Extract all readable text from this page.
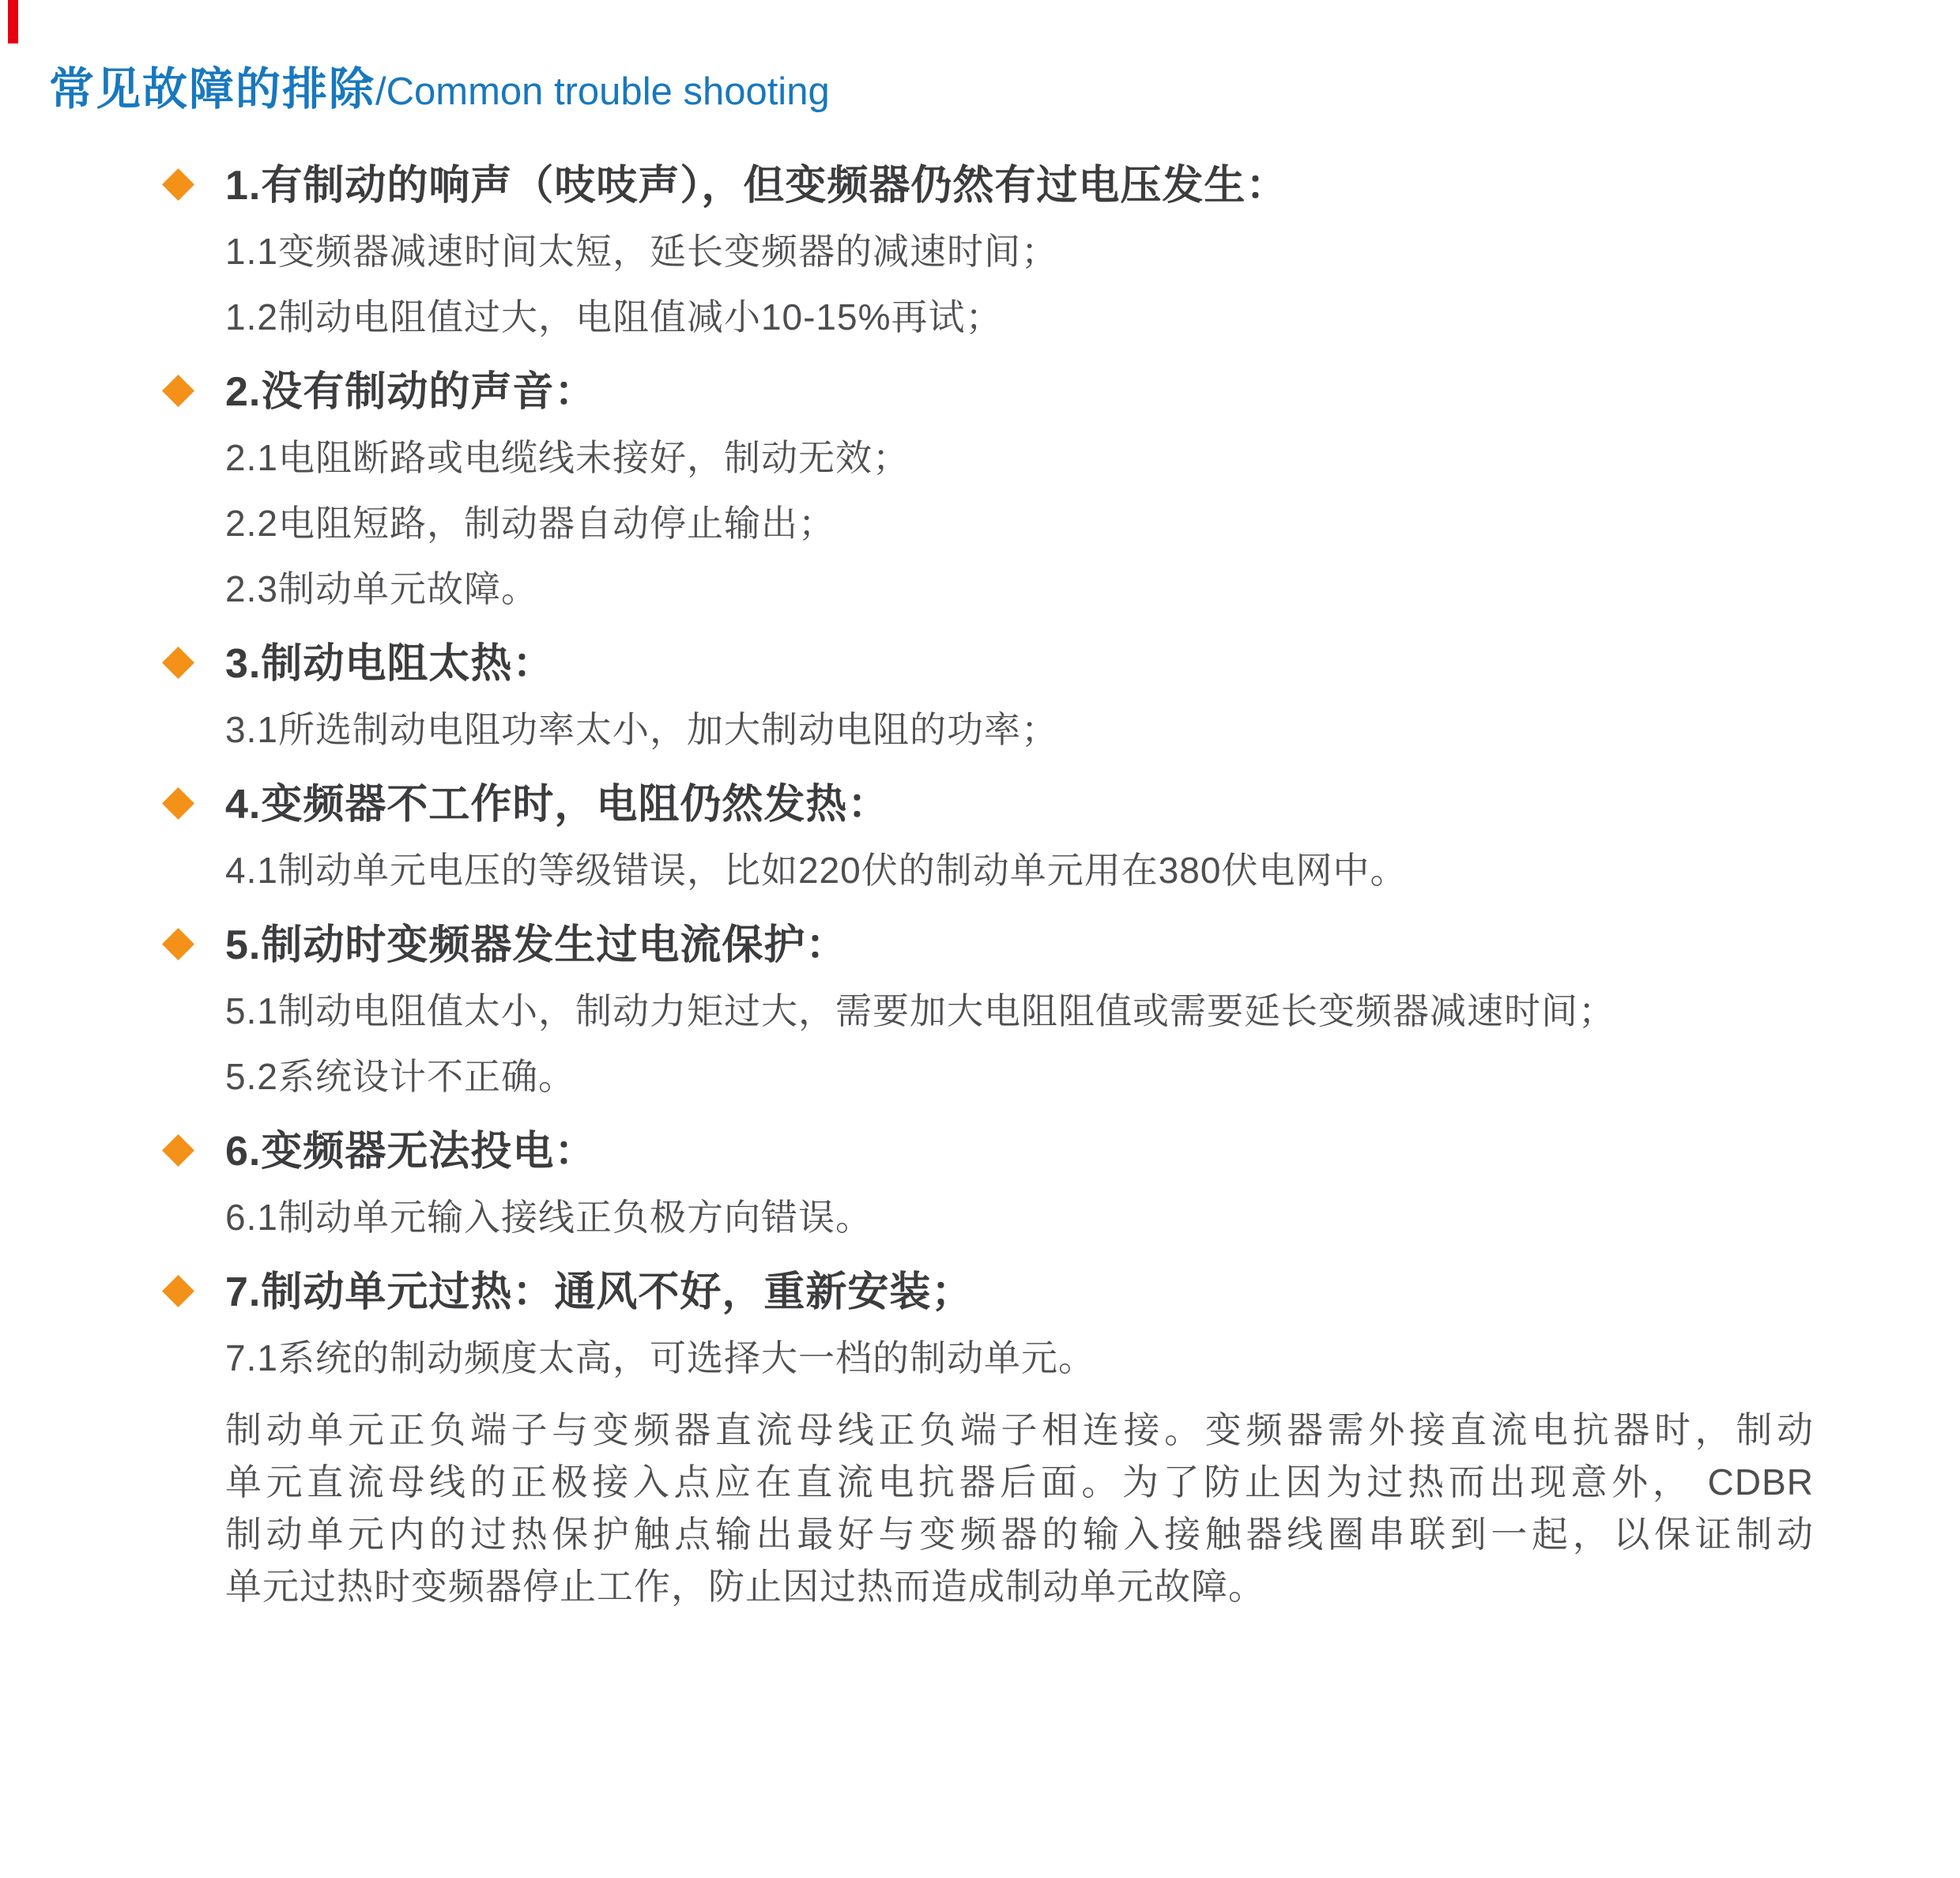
常见故障的排除/Common trouble shooting
1.有制动的响声（吱吱声），但变频器仍然有过电压发生：
1.1变频器减速时间太短，延长变频器的减速时间；
1.2制动电阻值过大，电阻值减小10-15%再试；
2.没有制动的声音：
2.1电阻断路或电缆线未接好，制动无效；
2.2电阻短路，制动器自动停止输出；
2.3制动单元故障。
3.制动电阻太热：
3.1所选制动电阻功率太小，加大制动电阻的功率；
4.变频器不工作时，电阻仍然发热：
4.1制动单元电压的等级错误，比如220伏的制动单元用在380伏电网中。
5.制动时变频器发生过电流保护：
5.1制动电阻值太小，制动力矩过大，需要加大电阻阻值或需要延长变频器减速时间；
5.2系统设计不正确。
6.变频器无法投电：
6.1制动单元输入接线正负极方向错误。
7.制动单元过热：通风不好，重新安装；
7.1系统的制动频度太高，可选择大一档的制动单元。
制动单元正负端子与变频器直流母线正负端子相连接。变频器需外接直流电抗器时，制动
单元直流母线的正极接入点应在直流电抗器后面。为了防止因为过热而出现意外， CDBR
制动单元内的过热保护触点输出最好与变频器的输入接触器线圈串联到一起，以保证制动
单元过热时变频器停止工作，防止因过热而造成制动单元故障。
